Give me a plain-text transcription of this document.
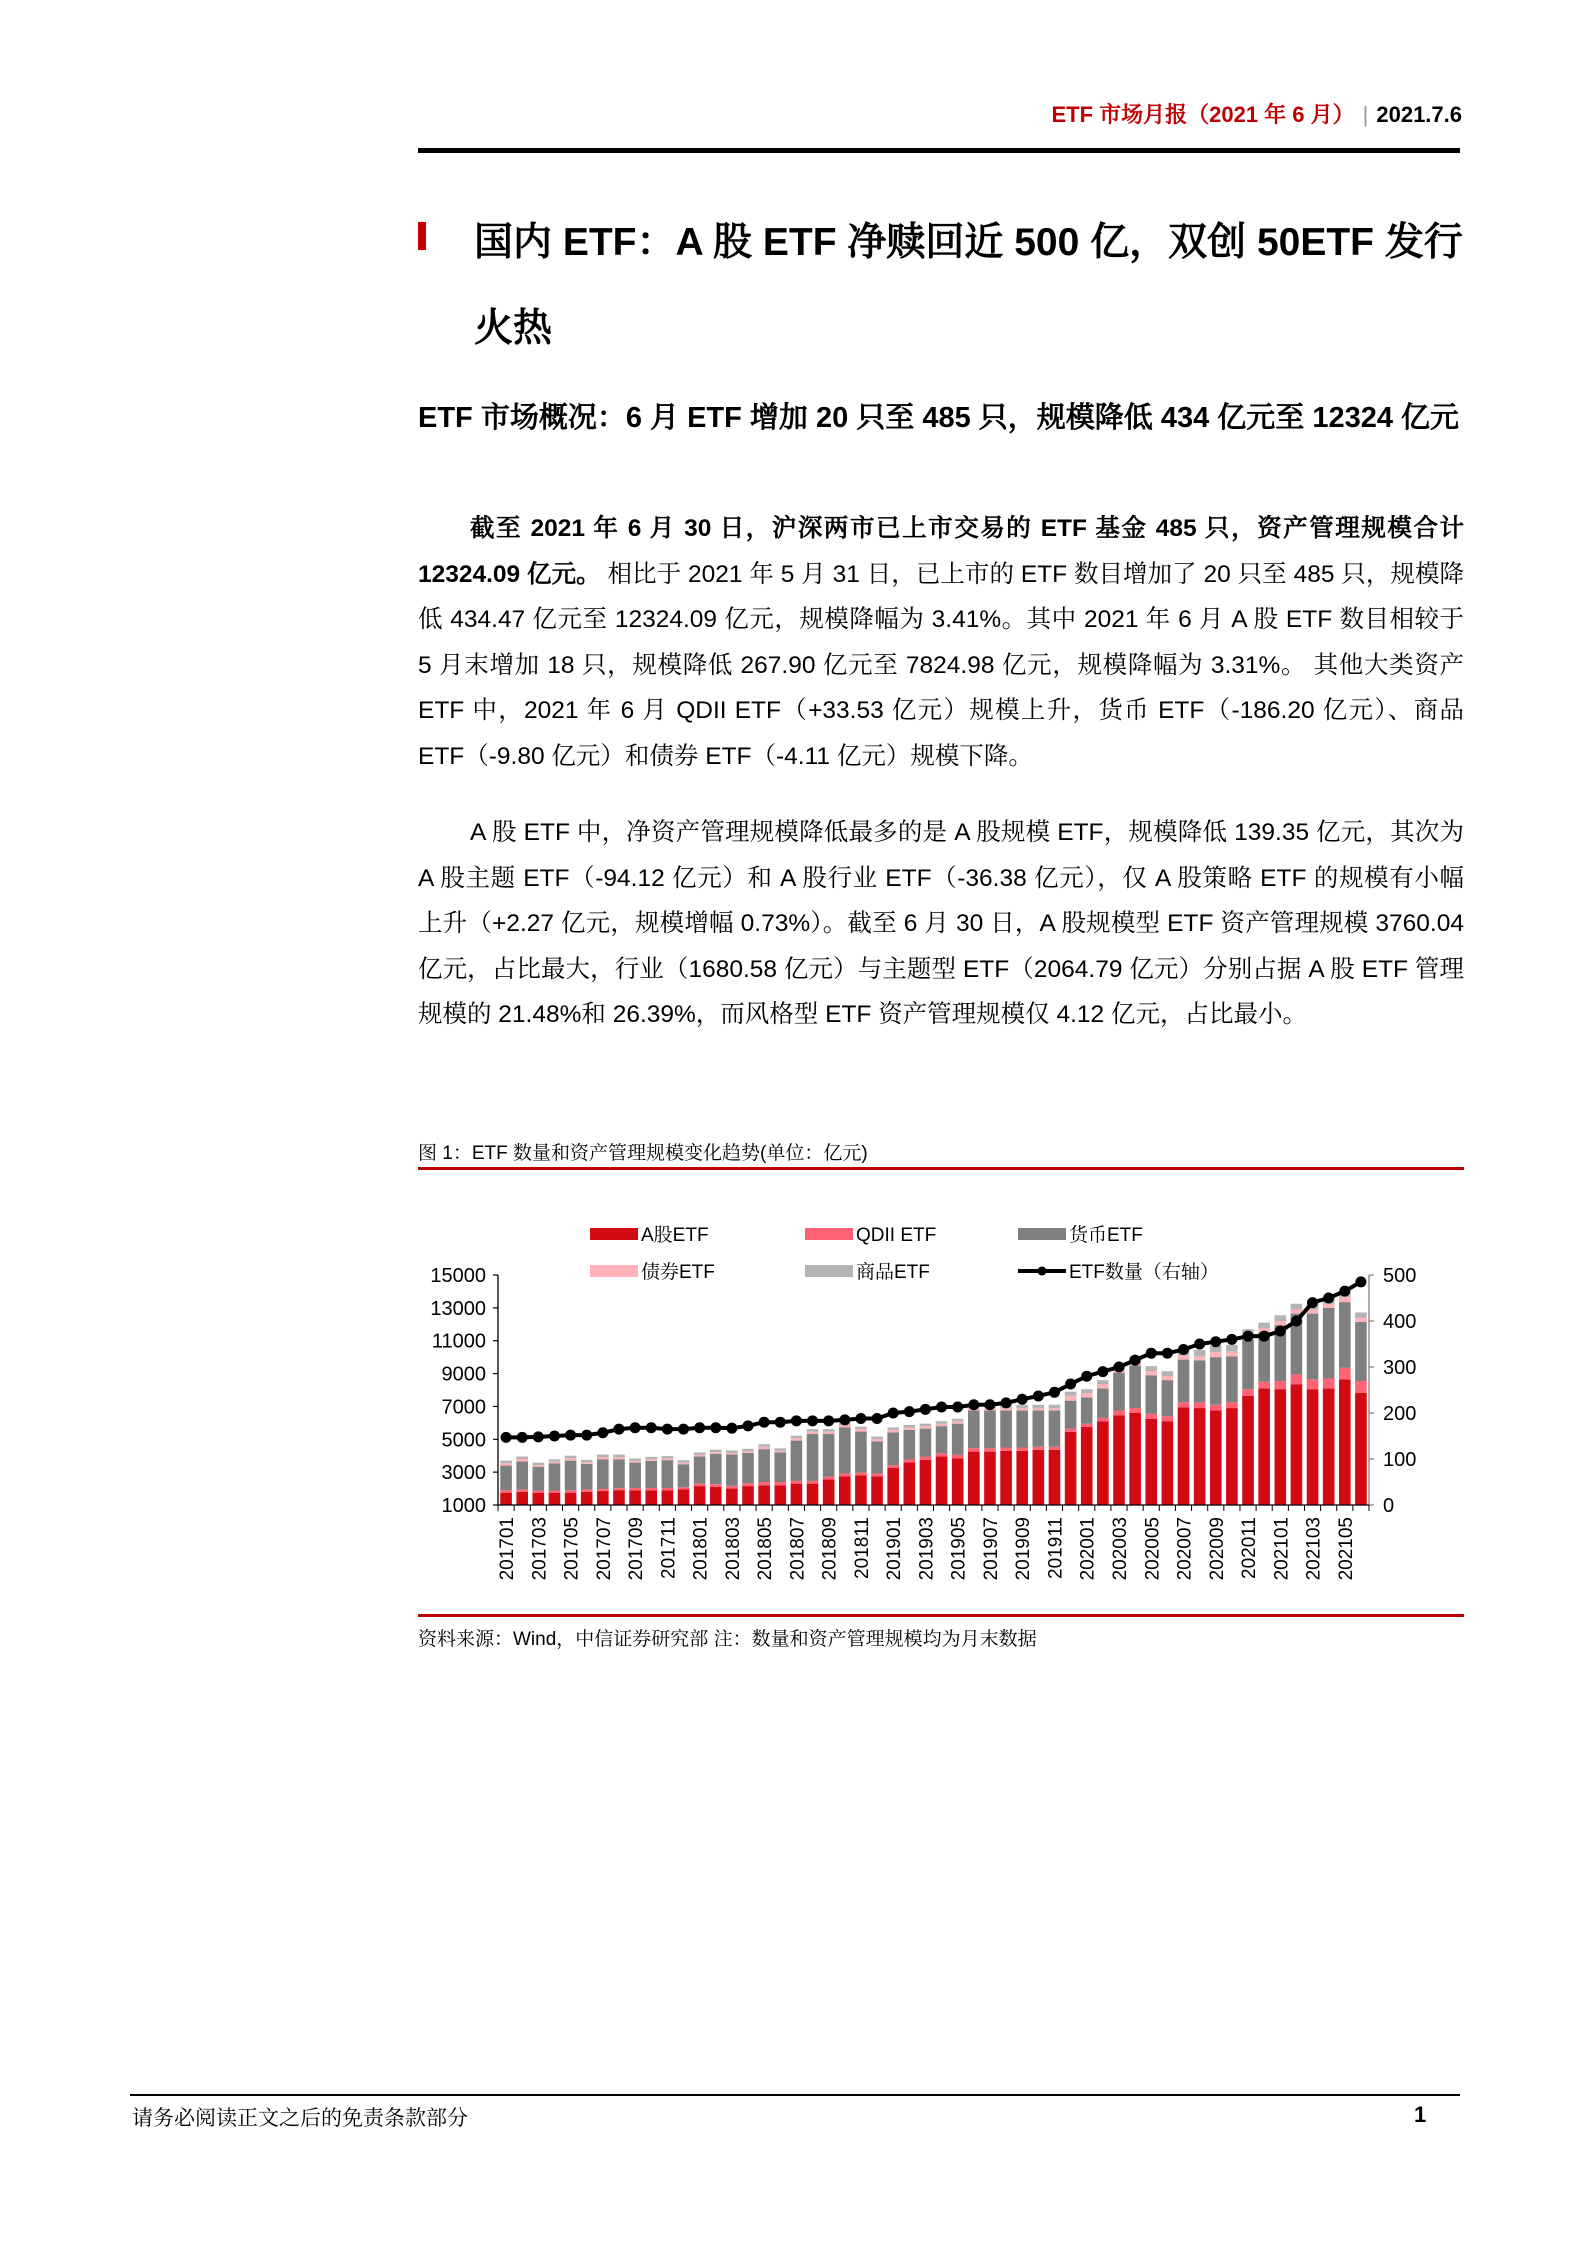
ETF 市场月报（2021 年 6 月） | 2021.7.6
国内 ETF：A 股 ETF 净赎回近 500 亿，双创 50ETF 发行火热
ETF 市场概况：6 月 ETF 增加 20 只至 485 只，规模降低 434 亿元至 12324 亿元
截至 2021 年 6 月 30 日，沪深两市已上市交易的 ETF 基金 485 只，资产管理规模合计 12324.09 亿元。 相比于 2021 年 5 月 31 日，已上市的 ETF 数目增加了 20 只至 485 只，规模降低 434.47 亿元至 12324.09 亿元，规模降幅为 3.41%。其中 2021 年 6 月 A 股 ETF 数目相较于 5 月末增加 18 只，规模降低 267.90 亿元至 7824.98 亿元，规模降幅为 3.31%。 其他大类资产 ETF 中，2021 年 6 月 QDII ETF（+33.53 亿元）规模上升，货币 ETF（-186.20 亿元）、商品 ETF（-9.80 亿元）和债券 ETF（-4.11 亿元）规模下降。
A 股 ETF 中，净资产管理规模降低最多的是 A 股规模 ETF，规模降低 139.35 亿元，其次为 A 股主题 ETF（-94.12 亿元）和 A 股行业 ETF（-36.38 亿元），仅 A 股策略 ETF 的规模有小幅上升（+2.27 亿元，规模增幅 0.73%）。截至 6 月 30 日，A 股规模型 ETF 资产管理规模 3760.04 亿元，占比最大，行业（1680.58 亿元）与主题型 ETF（2064.79 亿元）分别占据 A 股 ETF 管理规模的 21.48%和 26.39%，而风格型 ETF 资产管理规模仅 4.12 亿元，占比最小。
图 1：ETF 数量和资产管理规模变化趋势(单位：亿元)
A股ETF	QDII ETF	货币ETF
债券ETF	商品ETF	ETF数量（右轴）
1000
3000
5000
7000
9000
11000
13000
15000
0
100
200
300
400
500
201701 201703 201705 201707 201709 201711 201801 201803 201805 201807 201809 201811 201901 201903 201905 201907 201909 201911 202001 202003 202005 202007 202009 202011 202101 202103 202105
资料来源：Wind，中信证券研究部 注：数量和资产管理规模均为月末数据
请务必阅读正文之后的免责条款部分	1
